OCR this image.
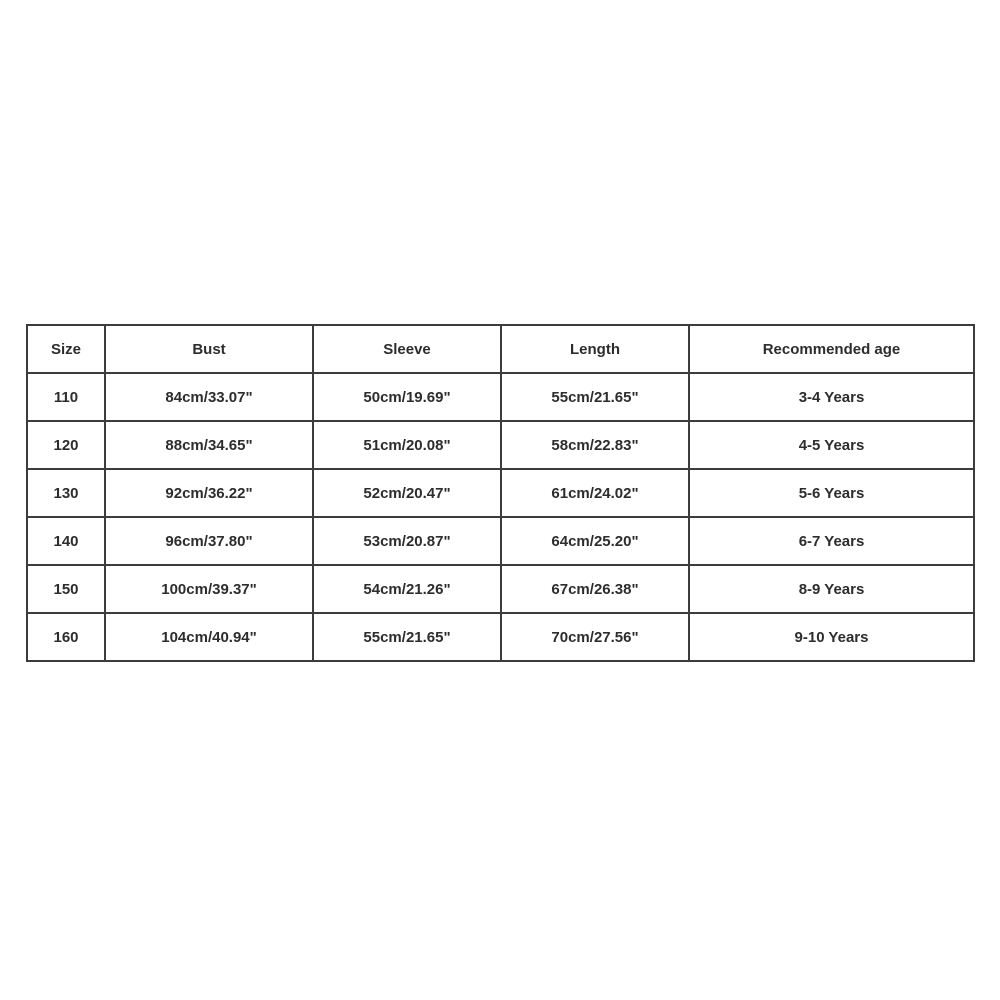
Size	Bust	Sleeve	Length	Recommended age
110	84cm/33.07"	50cm/19.69"	55cm/21.65"	3-4 Years
120	88cm/34.65"	51cm/20.08"	58cm/22.83"	4-5 Years
130	92cm/36.22"	52cm/20.47"	61cm/24.02"	5-6 Years
140	96cm/37.80"	53cm/20.87"	64cm/25.20"	6-7 Years
150	100cm/39.37"	54cm/21.26"	67cm/26.38"	8-9 Years
160	104cm/40.94"	55cm/21.65"	70cm/27.56"	9-10 Years
